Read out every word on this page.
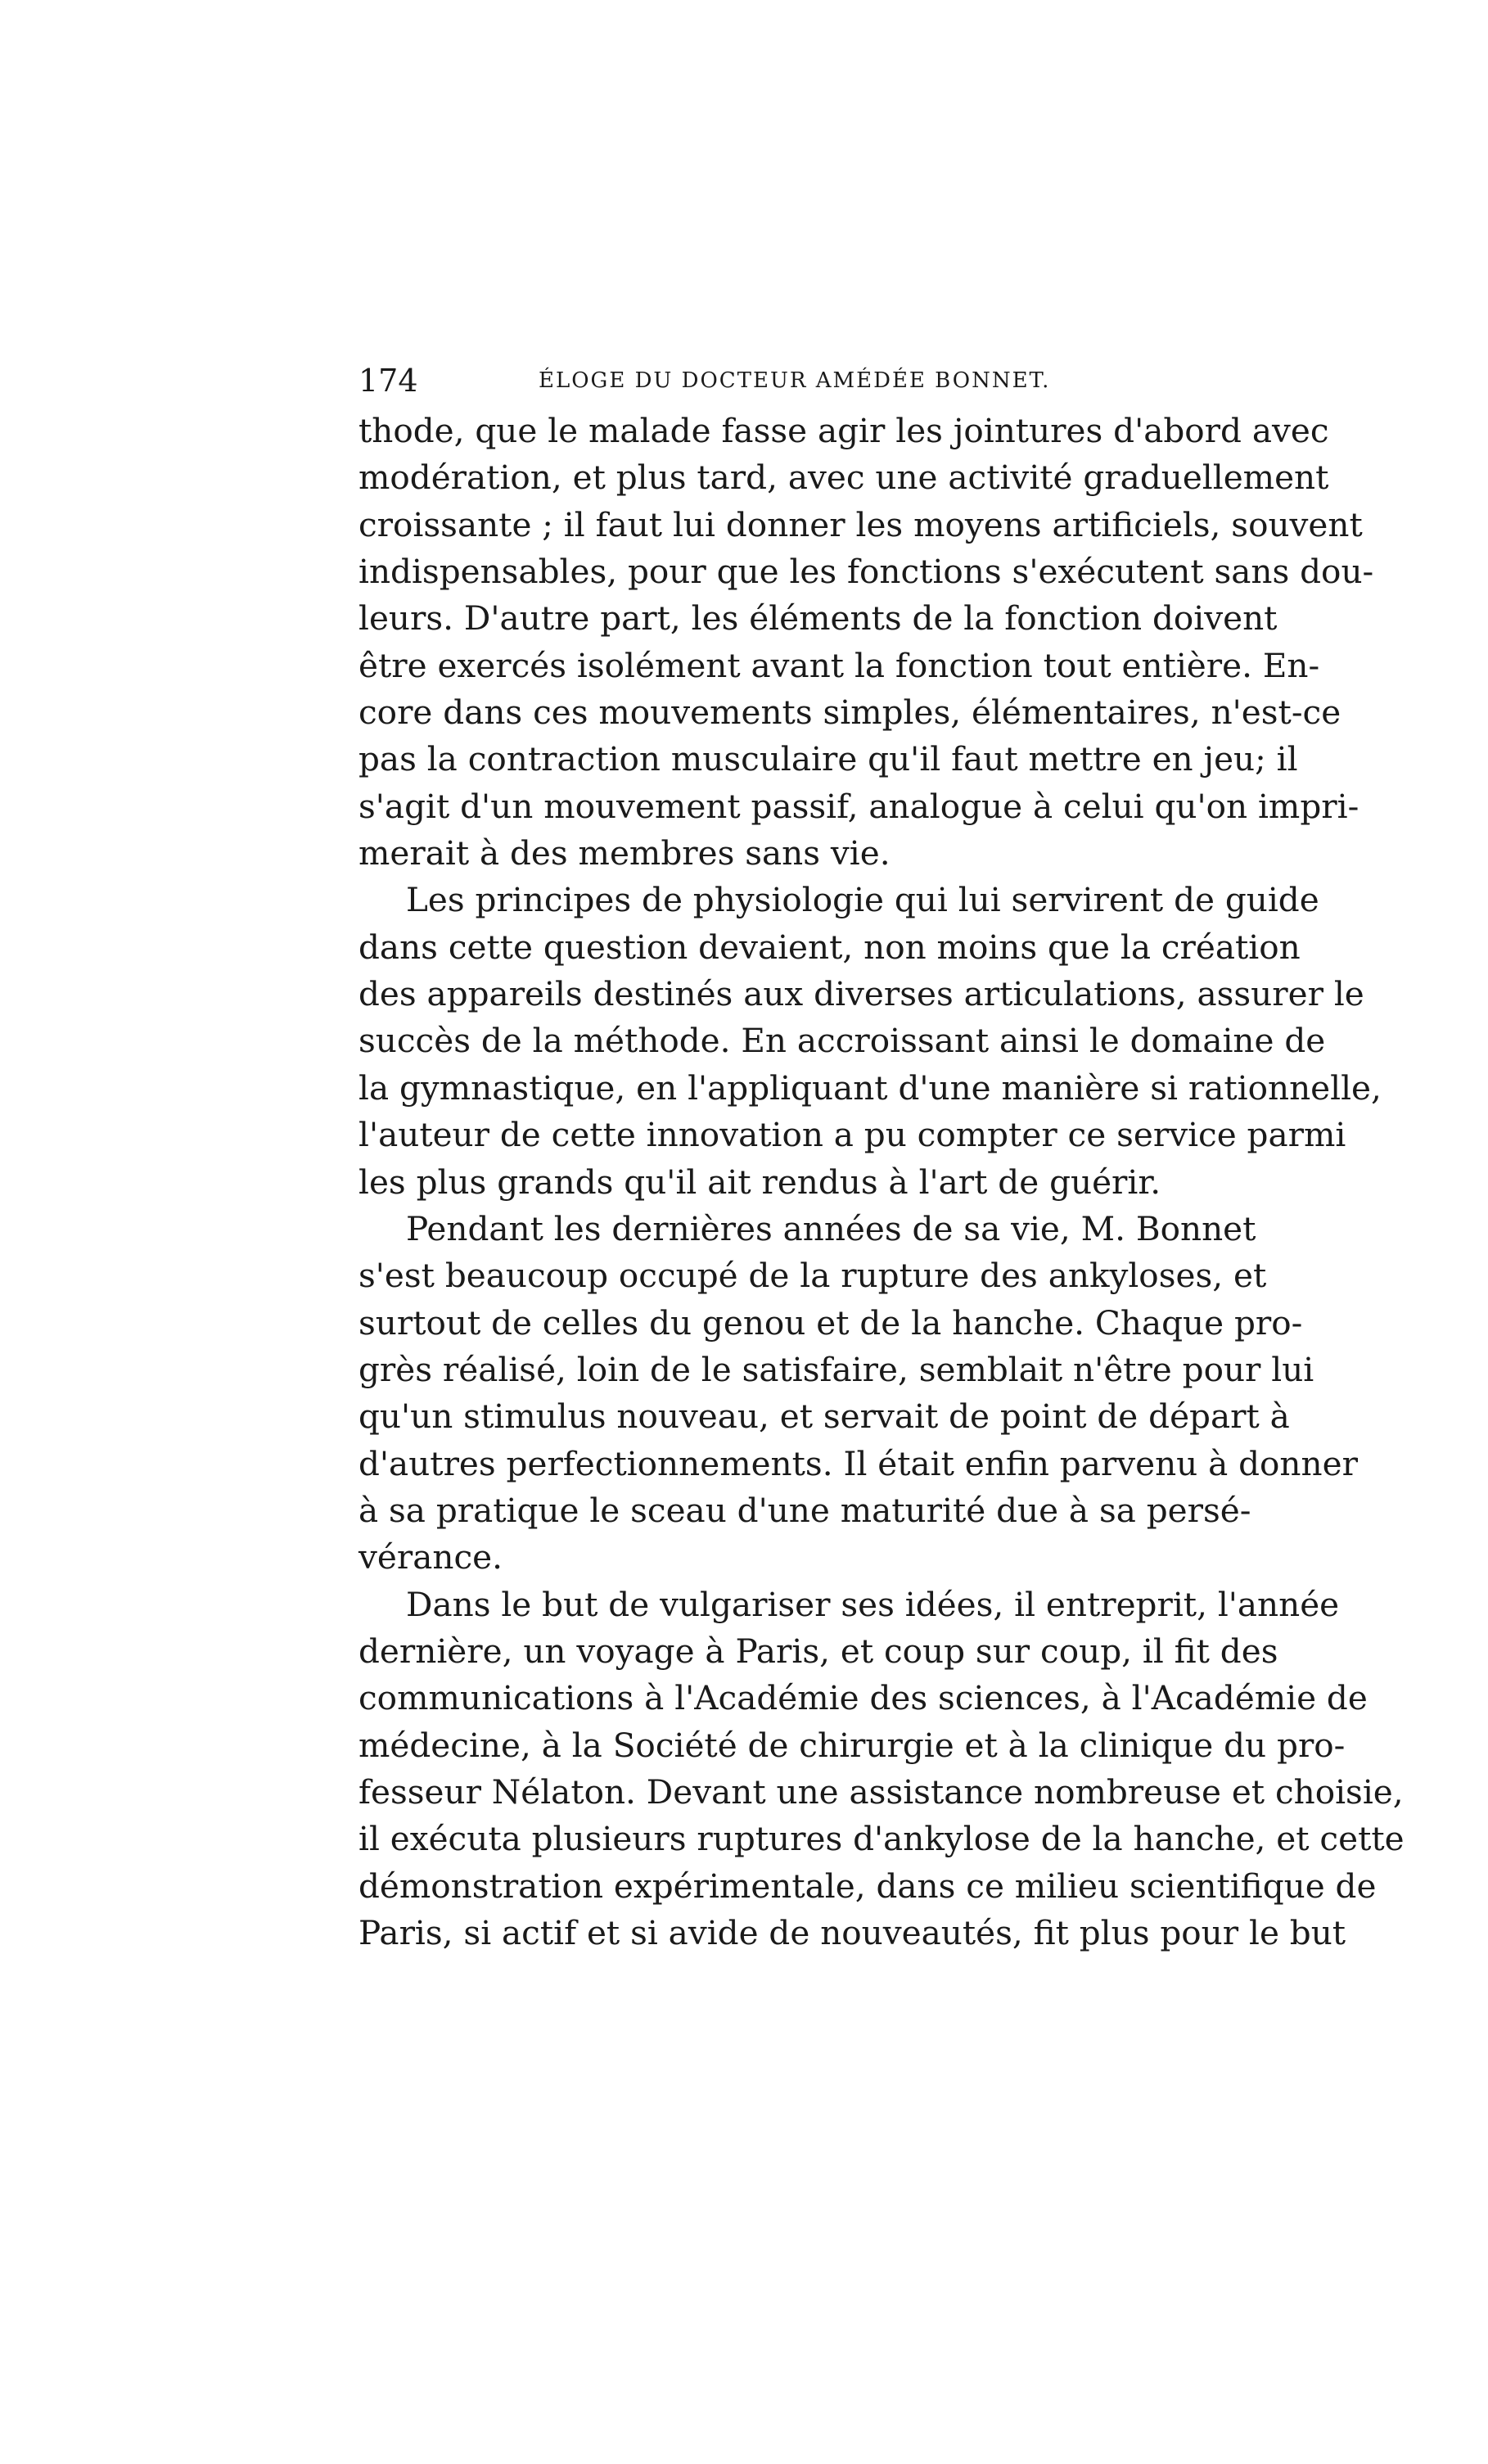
174	ÉLOGE DU DOCTEUR AMÉDÉE BONNET.
thode, que le malade fasse agir les jointures d'abord avec
modération, et plus tard, avec une activité graduellement
croissante ; il faut lui donner les moyens artificiels, souvent
indispensables, pour que les fonctions s'exécutent sans dou-
leurs. D'autre part, les éléments de la fonction doivent
être exercés isolément avant la fonction tout entière. En-
core dans ces mouvements simples, élémentaires, n'est-ce
pas la contraction musculaire qu'il faut mettre en jeu; il
s'agit d'un mouvement passif, analogue à celui qu'on impri-
merait à des membres sans vie.
Les principes de physiologie qui lui servirent de guide
dans cette question devaient, non moins que la création
des appareils destinés aux diverses articulations, assurer le
succès de la méthode. En accroissant ainsi le domaine de
la gymnastique, en l'appliquant d'une manière si rationnelle,
l'auteur de cette innovation a pu compter ce service parmi
les plus grands qu'il ait rendus à l'art de guérir.
Pendant les dernières années de sa vie, M. Bonnet
s'est beaucoup occupé de la rupture des ankyloses, et
surtout de celles du genou et de la hanche. Chaque pro-
grès réalisé, loin de le satisfaire, semblait n'être pour lui
qu'un stimulus nouveau, et servait de point de départ à
d'autres perfectionnements. Il était enfin parvenu à donner
à sa pratique le sceau d'une maturité due à sa persé-
vérance.
Dans le but de vulgariser ses idées, il entreprit, l'année
dernière, un voyage à Paris, et coup sur coup, il fit des
communications à l'Académie des sciences, à l'Académie de
médecine, à la Société de chirurgie et à la clinique du pro-
fesseur Nélaton. Devant une assistance nombreuse et choisie,
il exécuta plusieurs ruptures d'ankylose de la hanche, et cette
démonstration expérimentale, dans ce milieu scientifique de
Paris, si actif et si avide de nouveautés, fit plus pour le but
